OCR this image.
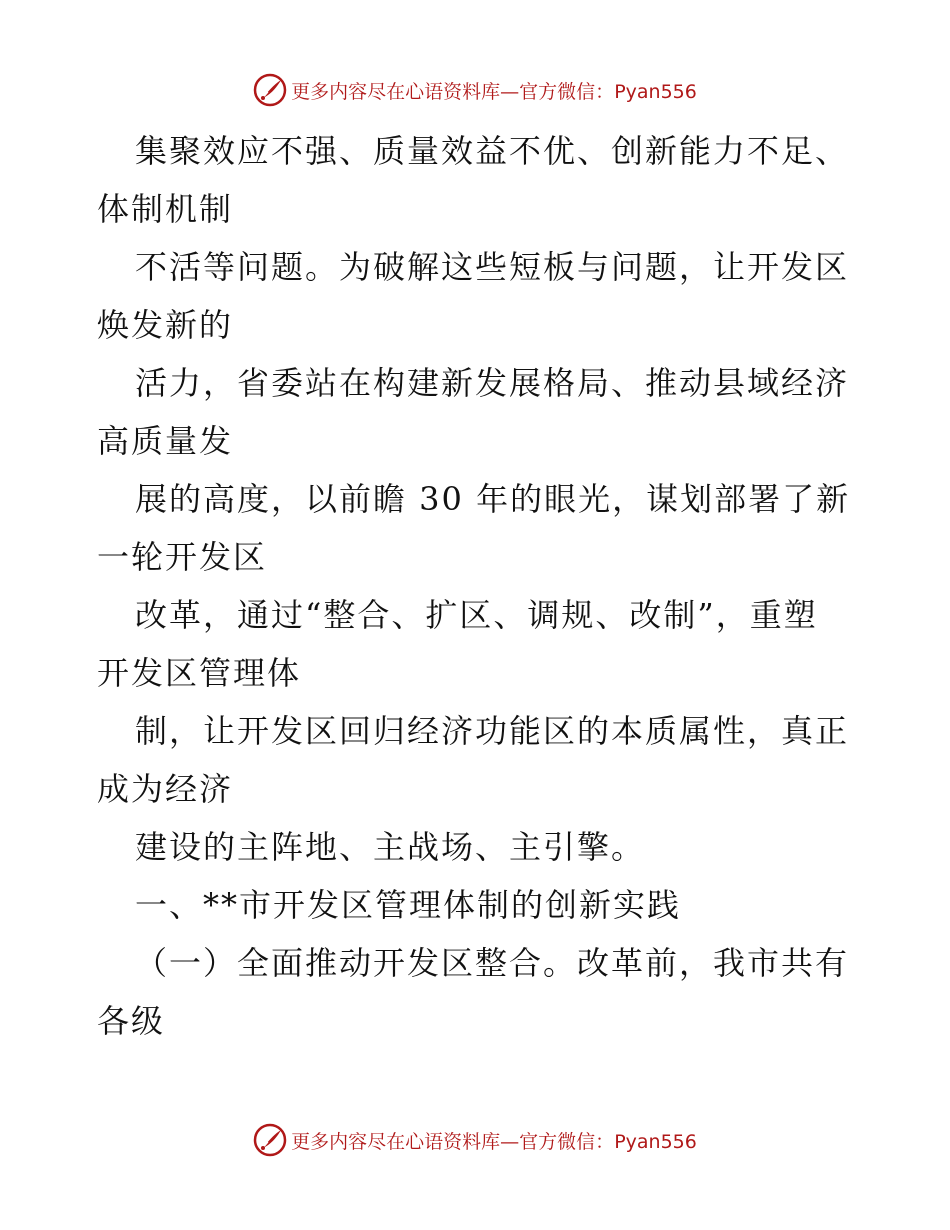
更多内容尽在心语资料库—官方微信：Pyan556
集聚效应不强、质量效益不优、创新能力不足、
体制机制
不活等问题。为破解这些短板与问题，让开发区
焕发新的
活力，省委站在构建新发展格局、推动县域经济
高质量发
展的高度，以前瞻 30 年的眼光，谋划部署了新
一轮开发区
改革，通过“整合、扩区、调规、改制”，重塑
开发区管理体
制，让开发区回归经济功能区的本质属性，真正
成为经济
建设的主阵地、主战场、主引擎。
一、**市开发区管理体制的创新实践
（一）全面推动开发区整合。改革前，我市共有
各级
更多内容尽在心语资料库—官方微信：Pyan556
